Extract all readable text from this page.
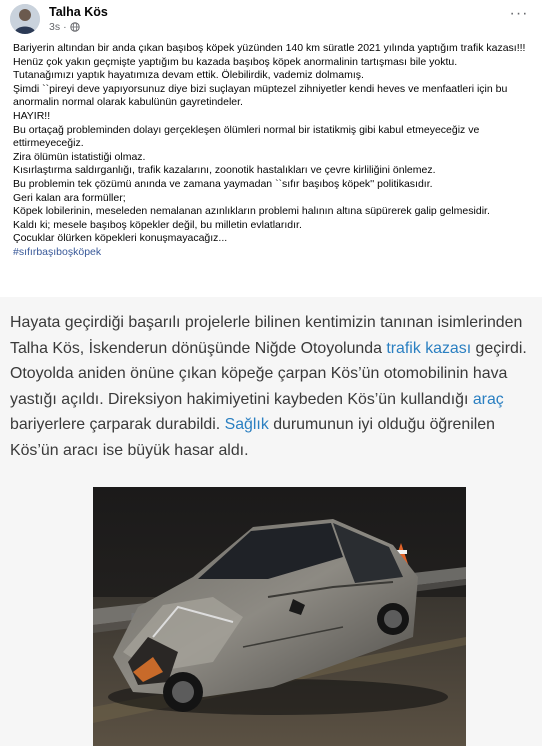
Talha Kös
3s ·
···
Bariyerin altından bir anda çıkan başıboş köpek yüzünden 140 km süratle 2021 yılında yaptığım trafik kazası!!!
Henüz çok yakın geçmişte yaptığım bu kazada başıboş köpek anormalinin tartışması bile yoktu.
Tutanağımızı yaptık hayatımıza devam ettik. Ölebilirdik, vademiz dolmamış.
Şimdi ``pireyi deve yapıyorsunuz diye bizi suçlayan müptezel zihniyetler kendi heves ve menfaatleri için bu anormalin normal olarak kabulünün gayretindeler.
HAYIR!!
Bu ortaçağ probleminden dolayı gerçekleşen ölümleri normal bir istatikmiş gibi kabul etmeyeceğiz ve ettirmeyeceğiz.
Zira ölümün istatistiği olmaz.
Kısırlaştırma saldırganlığı, trafik kazalarını, zoonotik hastalıkları ve çevre kirliliğini önlemez.
Bu problemin tek çözümü anında ve zamana yaymadan ``sıfır başıboş köpek'' politikasıdır.
Geri kalan ara formüller;
Köpek lobilerinin, meseleden nemalanan azınlıkların problemi halının altına süpürerek galip gelmesidir.
Kaldı ki; mesele başıboş köpekler değil, bu milletin evlatlarıdır.
Çocuklar ölürken köpekleri konuşmayacağız...
#sıfırbaşıboşköpek
Hayata geçirdiği başarılı projelerle bilinen kentimizin tanınan isimlerinden Talha Kös, İskenderun dönüşünde Niğde Otoyolunda trafik kazası geçirdi. Otoyolda aniden önüne çıkan köpeğe çarpan Kös’ün otomobilinin hava yastığı açıldı. Direksiyon hakimiyetini kaybeden Kös’ün kullandığı araç bariyerlere çarparak durabildi. Sağlık durumunun iyi olduğu öğrenilen Kös’ün aracı ise büyük hasar aldı.
